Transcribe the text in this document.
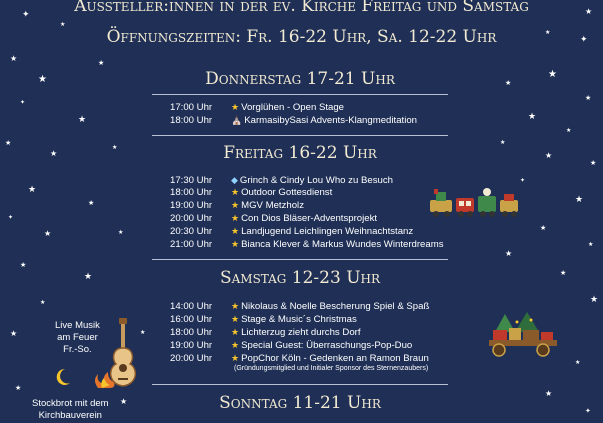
✦
★
★
★
★
✦
★
★
★
★
★
★
✦
★	★
★
★
★
★	★
★
★
★
★
✦
★
★
★
★
★
★
★
★
✦
★
★
★
★
★
★
★
★
✦
Aussteller:innen in der ev. Kirche Freitag und Samstag
Öffnungszeiten: Fr. 16-22 Uhr, Sa. 12-22 Uhr
Donnerstag 17-21 Uhr
17:00 Uhr ★ Vorglühen - Open Stage
18:00 Uhr ⛪ KarmasibySasi Advents-Klangmeditation
Freitag 16-22 Uhr
17:30 Uhr ◆ Grinch & Cindy Lou Who zu Besuch
18:00 Uhr ★ Outdoor Gottesdienst
19:00 Uhr ★ MGV Metzholz
20:00 Uhr ★ Con Dios Bläser-Adventsprojekt
20:30 Uhr ★ Landjugend Leichlingen Weihnachtstanz
21:00 Uhr ★ Bianca Klever & Markus Wundes Winterdreams
Samstag 12-23 Uhr
14:00 Uhr ★ Nikolaus & Noelle Bescherung Spiel & Spaß
16:00 Uhr ★ Stage & Music´s Christmas
18:00 Uhr ★ Lichterzug zieht durchs Dorf
19:00 Uhr ★ Special Guest: Überraschungs-Pop-Duo
20:00 Uhr ★ PopChor Köln - Gedenken an Ramon Braun
(Gründungsmitglied und Initialer Sponsor des Sternenzaubers)
Sonntag 11-21 Uhr
Live Musik
am Feuer
Fr.-So.
Stockbrot mit dem
Kirchbauverein
